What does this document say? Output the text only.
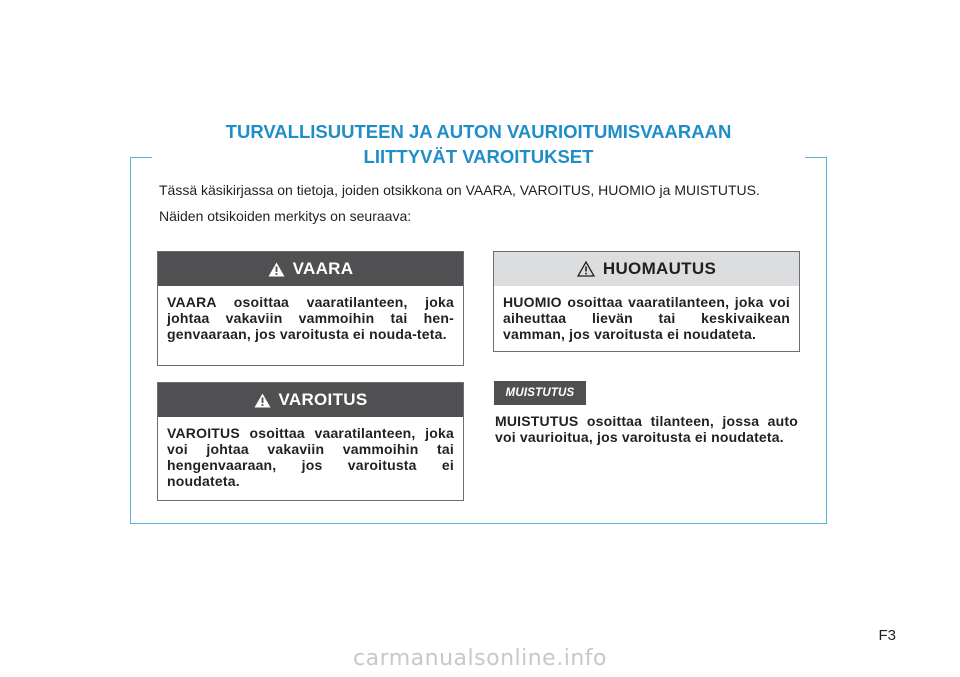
TURVALLISUUTEEN JA AUTON VAURIOITUMISVAARAAN
LIITTYVÄT VAROITUKSET

Tässä käsikirjassa on tietoja, joiden otsikkona on VAARA, VAROITUS, HUOMIO ja MUISTUTUS.

Näiden otsikoiden merkitys on seuraava:

VAARA
VAARA osoittaa vaaratilanteen, joka johtaa vakaviin vammoihin tai hen-genvaaraan, jos varoitusta ei nouda-teta.
VAROITUS
VAROITUS osoittaa vaaratilanteen, joka voi johtaa vakaviin vammoihin tai hengenvaaraan, jos varoitusta ei noudateta.
HUOMAUTUS
HUOMIO osoittaa vaaratilanteen, joka voi aiheuttaa lievän tai keskivaikean vamman, jos varoitusta ei noudateta.
MUISTUTUS
MUISTUTUS osoittaa tilanteen, jossa auto voi vaurioitua, jos varoitusta ei noudateta.
F3
carmanualsonline.info
